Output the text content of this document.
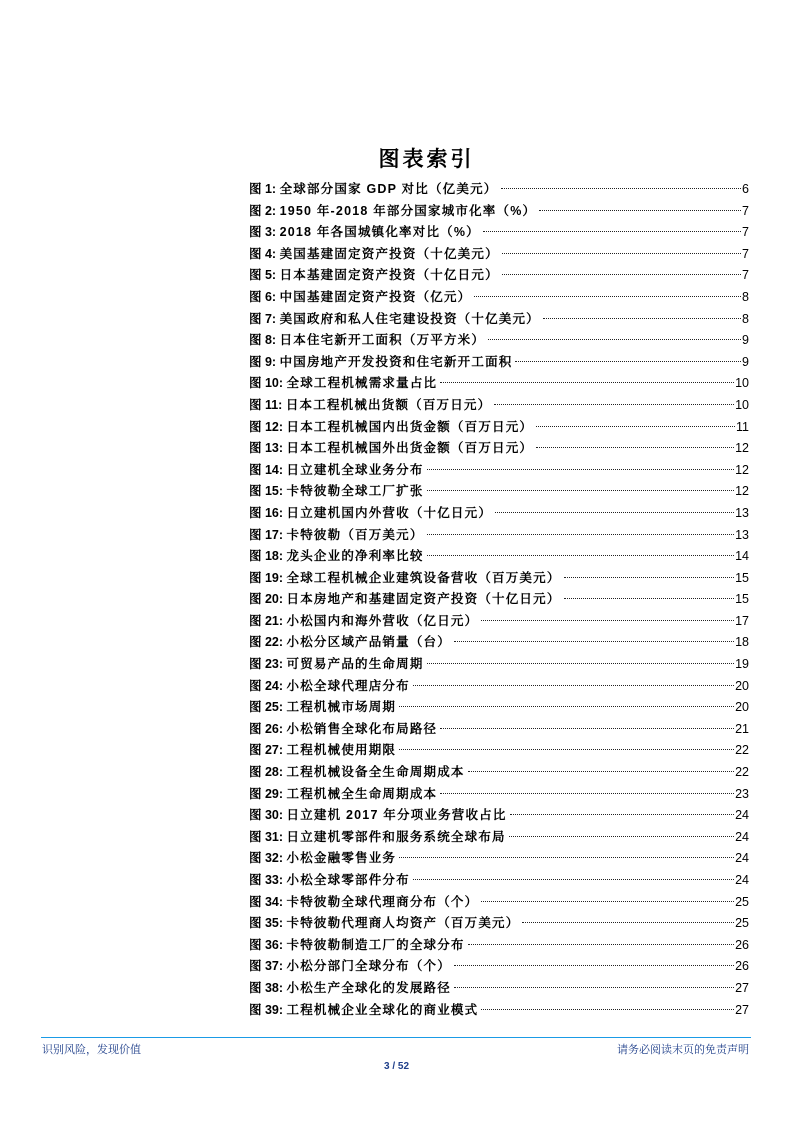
图表索引
图 1: 全球部分国家 GDP 对比（亿美元）	6
图 2: 1950 年-2018 年部分国家城市化率（%）	7
图 3: 2018 年各国城镇化率对比（%）	7
图 4: 美国基建固定资产投资（十亿美元）	7
图 5: 日本基建固定资产投资（十亿日元）	7
图 6: 中国基建固定资产投资（亿元）	8
图 7: 美国政府和私人住宅建设投资（十亿美元）	8
图 8: 日本住宅新开工面积（万平方米）	9
图 9: 中国房地产开发投资和住宅新开工面积	9
图 10: 全球工程机械需求量占比	10
图 11: 日本工程机械出货额（百万日元）	10
图 12: 日本工程机械国内出货金额（百万日元）	11
图 13: 日本工程机械国外出货金额（百万日元）	12
图 14: 日立建机全球业务分布	12
图 15: 卡特彼勒全球工厂扩张	12
图 16: 日立建机国内外营收（十亿日元）	13
图 17: 卡特彼勒（百万美元）	13
图 18: 龙头企业的净利率比较	14
图 19: 全球工程机械企业建筑设备营收（百万美元）	15
图 20: 日本房地产和基建固定资产投资（十亿日元）	15
图 21: 小松国内和海外营收（亿日元）	17
图 22: 小松分区域产品销量（台）	18
图 23: 可贸易产品的生命周期	19
图 24: 小松全球代理店分布	20
图 25: 工程机械市场周期	20
图 26: 小松销售全球化布局路径	21
图 27: 工程机械使用期限	22
图 28: 工程机械设备全生命周期成本	22
图 29: 工程机械全生命周期成本	23
图 30: 日立建机 2017 年分项业务营收占比	24
图 31: 日立建机零部件和服务系统全球布局	24
图 32: 小松金融零售业务	24
图 33: 小松全球零部件分布	24
图 34: 卡特彼勒全球代理商分布（个）	25
图 35: 卡特彼勒代理商人均资产（百万美元）	25
图 36: 卡特彼勒制造工厂的全球分布	26
图 37: 小松分部门全球分布（个）	26
图 38: 小松生产全球化的发展路径	27
图 39: 工程机械企业全球化的商业模式	27
识别风险，发现价值	请务必阅读末页的免责声明
3 / 52
